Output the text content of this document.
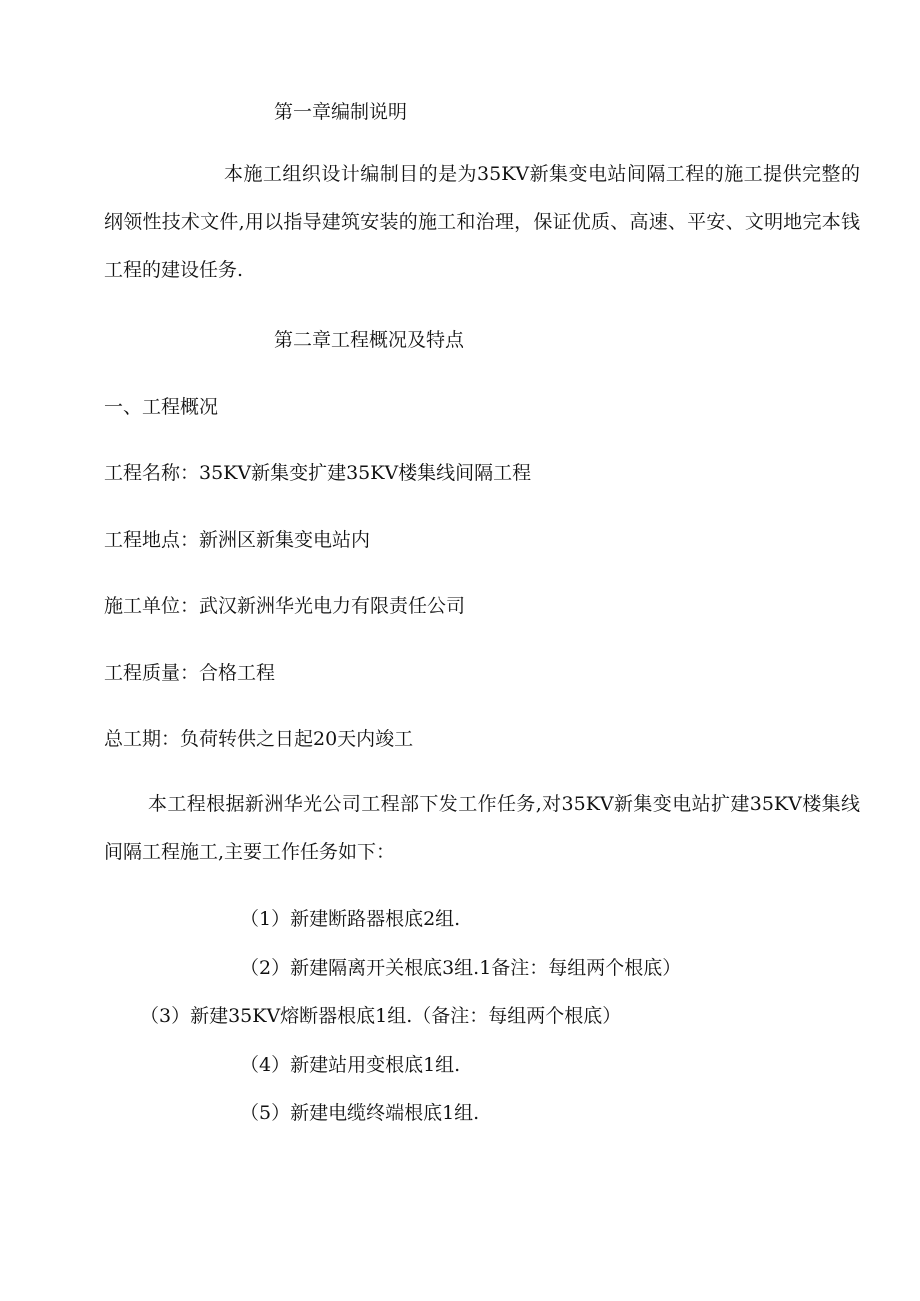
第一章编制说明
本施工组织设计编制目的是为35KV新集变电站间隔工程的施工提供完整的纲领性技术文件,用以指导建筑安装的施工和治理，保证优质、高速、平安、文明地完本钱工程的建设任务.
第二章工程概况及特点
一、工程概况
工程名称：35KV新集变扩建35KV楼集线间隔工程
工程地点：新洲区新集变电站内
施工单位：武汉新洲华光电力有限责任公司
工程质量：合格工程
总工期：负荷转供之日起20天内竣工
本工程根据新洲华光公司工程部下发工作任务,对35KV新集变电站扩建35KV楼集线间隔工程施工,主要工作任务如下：
（1）新建断路器根底2组.
（2）新建隔离开关根底3组.1备注：每组两个根底）
（3）新建35KV熔断器根底1组.（备注：每组两个根底）
（4）新建站用变根底1组.
（5）新建电缆终端根底1组.
